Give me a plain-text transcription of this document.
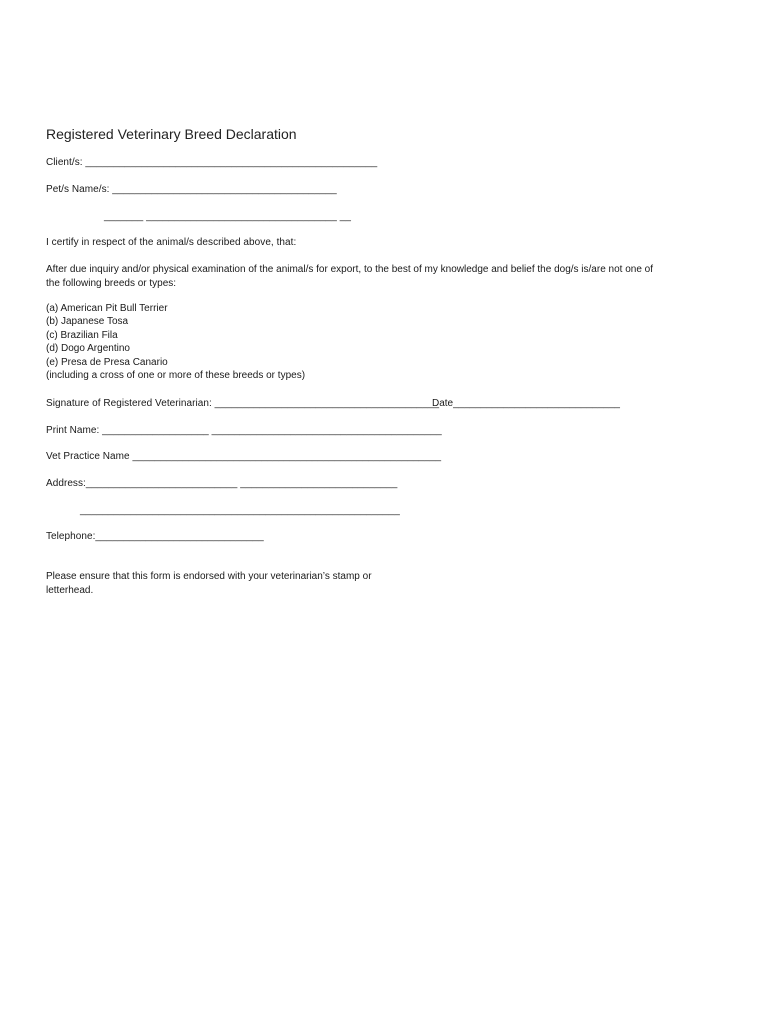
Registered Veterinary Breed Declaration
Client/s: ____________________________________________________
Pet/s Name/s: ________________________________________
_______ __________________________________ __
I certify in respect of the animal/s described above, that:
After due inquiry and/or physical examination of the animal/s for export, to the best of my knowledge and belief the dog/s is/are not one of
the following breeds or types:
(a) American Pit Bull Terrier
(b) Japanese Tosa
(c) Brazilian Fila
(d) Dogo Argentino
(e) Presa de Presa Canario
(including a cross of one or more of these breeds or types)
Signature of Registered Veterinarian: ________________________________________
Date______________________________
Print Name: ___________________ _________________________________________
Vet Practice Name _______________________________________________________
Address:___________________________ ____________________________
_________________________________________________________
Telephone:______________________________
Please ensure that this form is endorsed with your veterinarian’s stamp or
letterhead.
